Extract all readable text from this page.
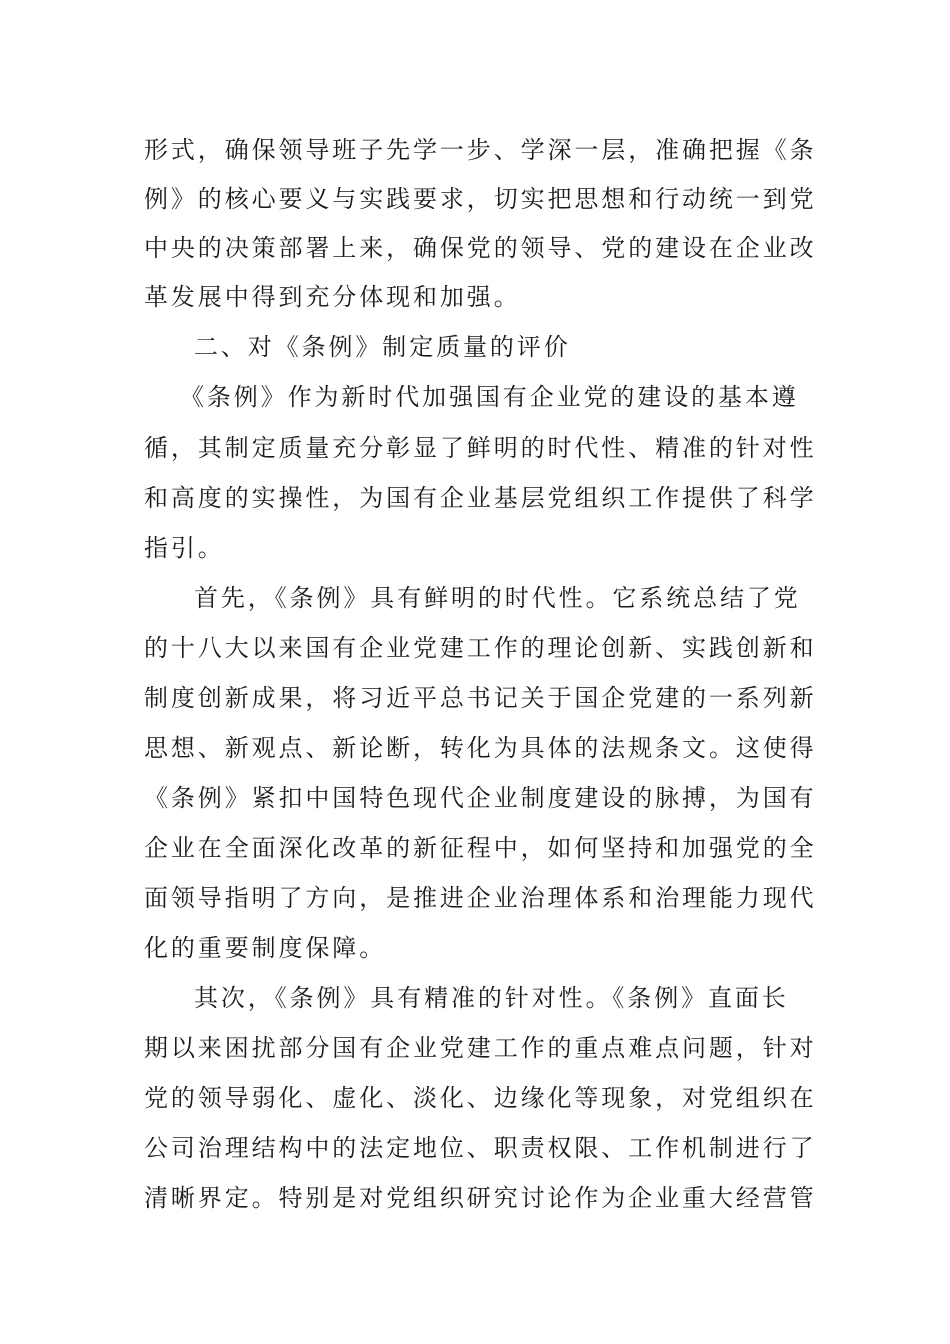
形式，确保领导班子先学一步、学深一层，准确把握《条
例》的核心要义与实践要求，切实把思想和行动统一到党
中央的决策部署上来，确保党的领导、党的建设在企业改
革发展中得到充分体现和加强。
二、对《条例》制定质量的评价
《条例》作为新时代加强国有企业党的建设的基本遵
循，其制定质量充分彰显了鲜明的时代性、精准的针对性
和高度的实操性，为国有企业基层党组织工作提供了科学
指引。
首先，《条例》具有鲜明的时代性。它系统总结了党
的十八大以来国有企业党建工作的理论创新、实践创新和
制度创新成果，将习近平总书记关于国企党建的一系列新
思想、新观点、新论断，转化为具体的法规条文。这使得
《条例》紧扣中国特色现代企业制度建设的脉搏，为国有
企业在全面深化改革的新征程中，如何坚持和加强党的全
面领导指明了方向，是推进企业治理体系和治理能力现代
化的重要制度保障。
其次，《条例》具有精准的针对性。《条例》直面长
期以来困扰部分国有企业党建工作的重点难点问题，针对
党的领导弱化、虚化、淡化、边缘化等现象，对党组织在
公司治理结构中的法定地位、职责权限、工作机制进行了
清晰界定。特别是对党组织研究讨论作为企业重大经营管
